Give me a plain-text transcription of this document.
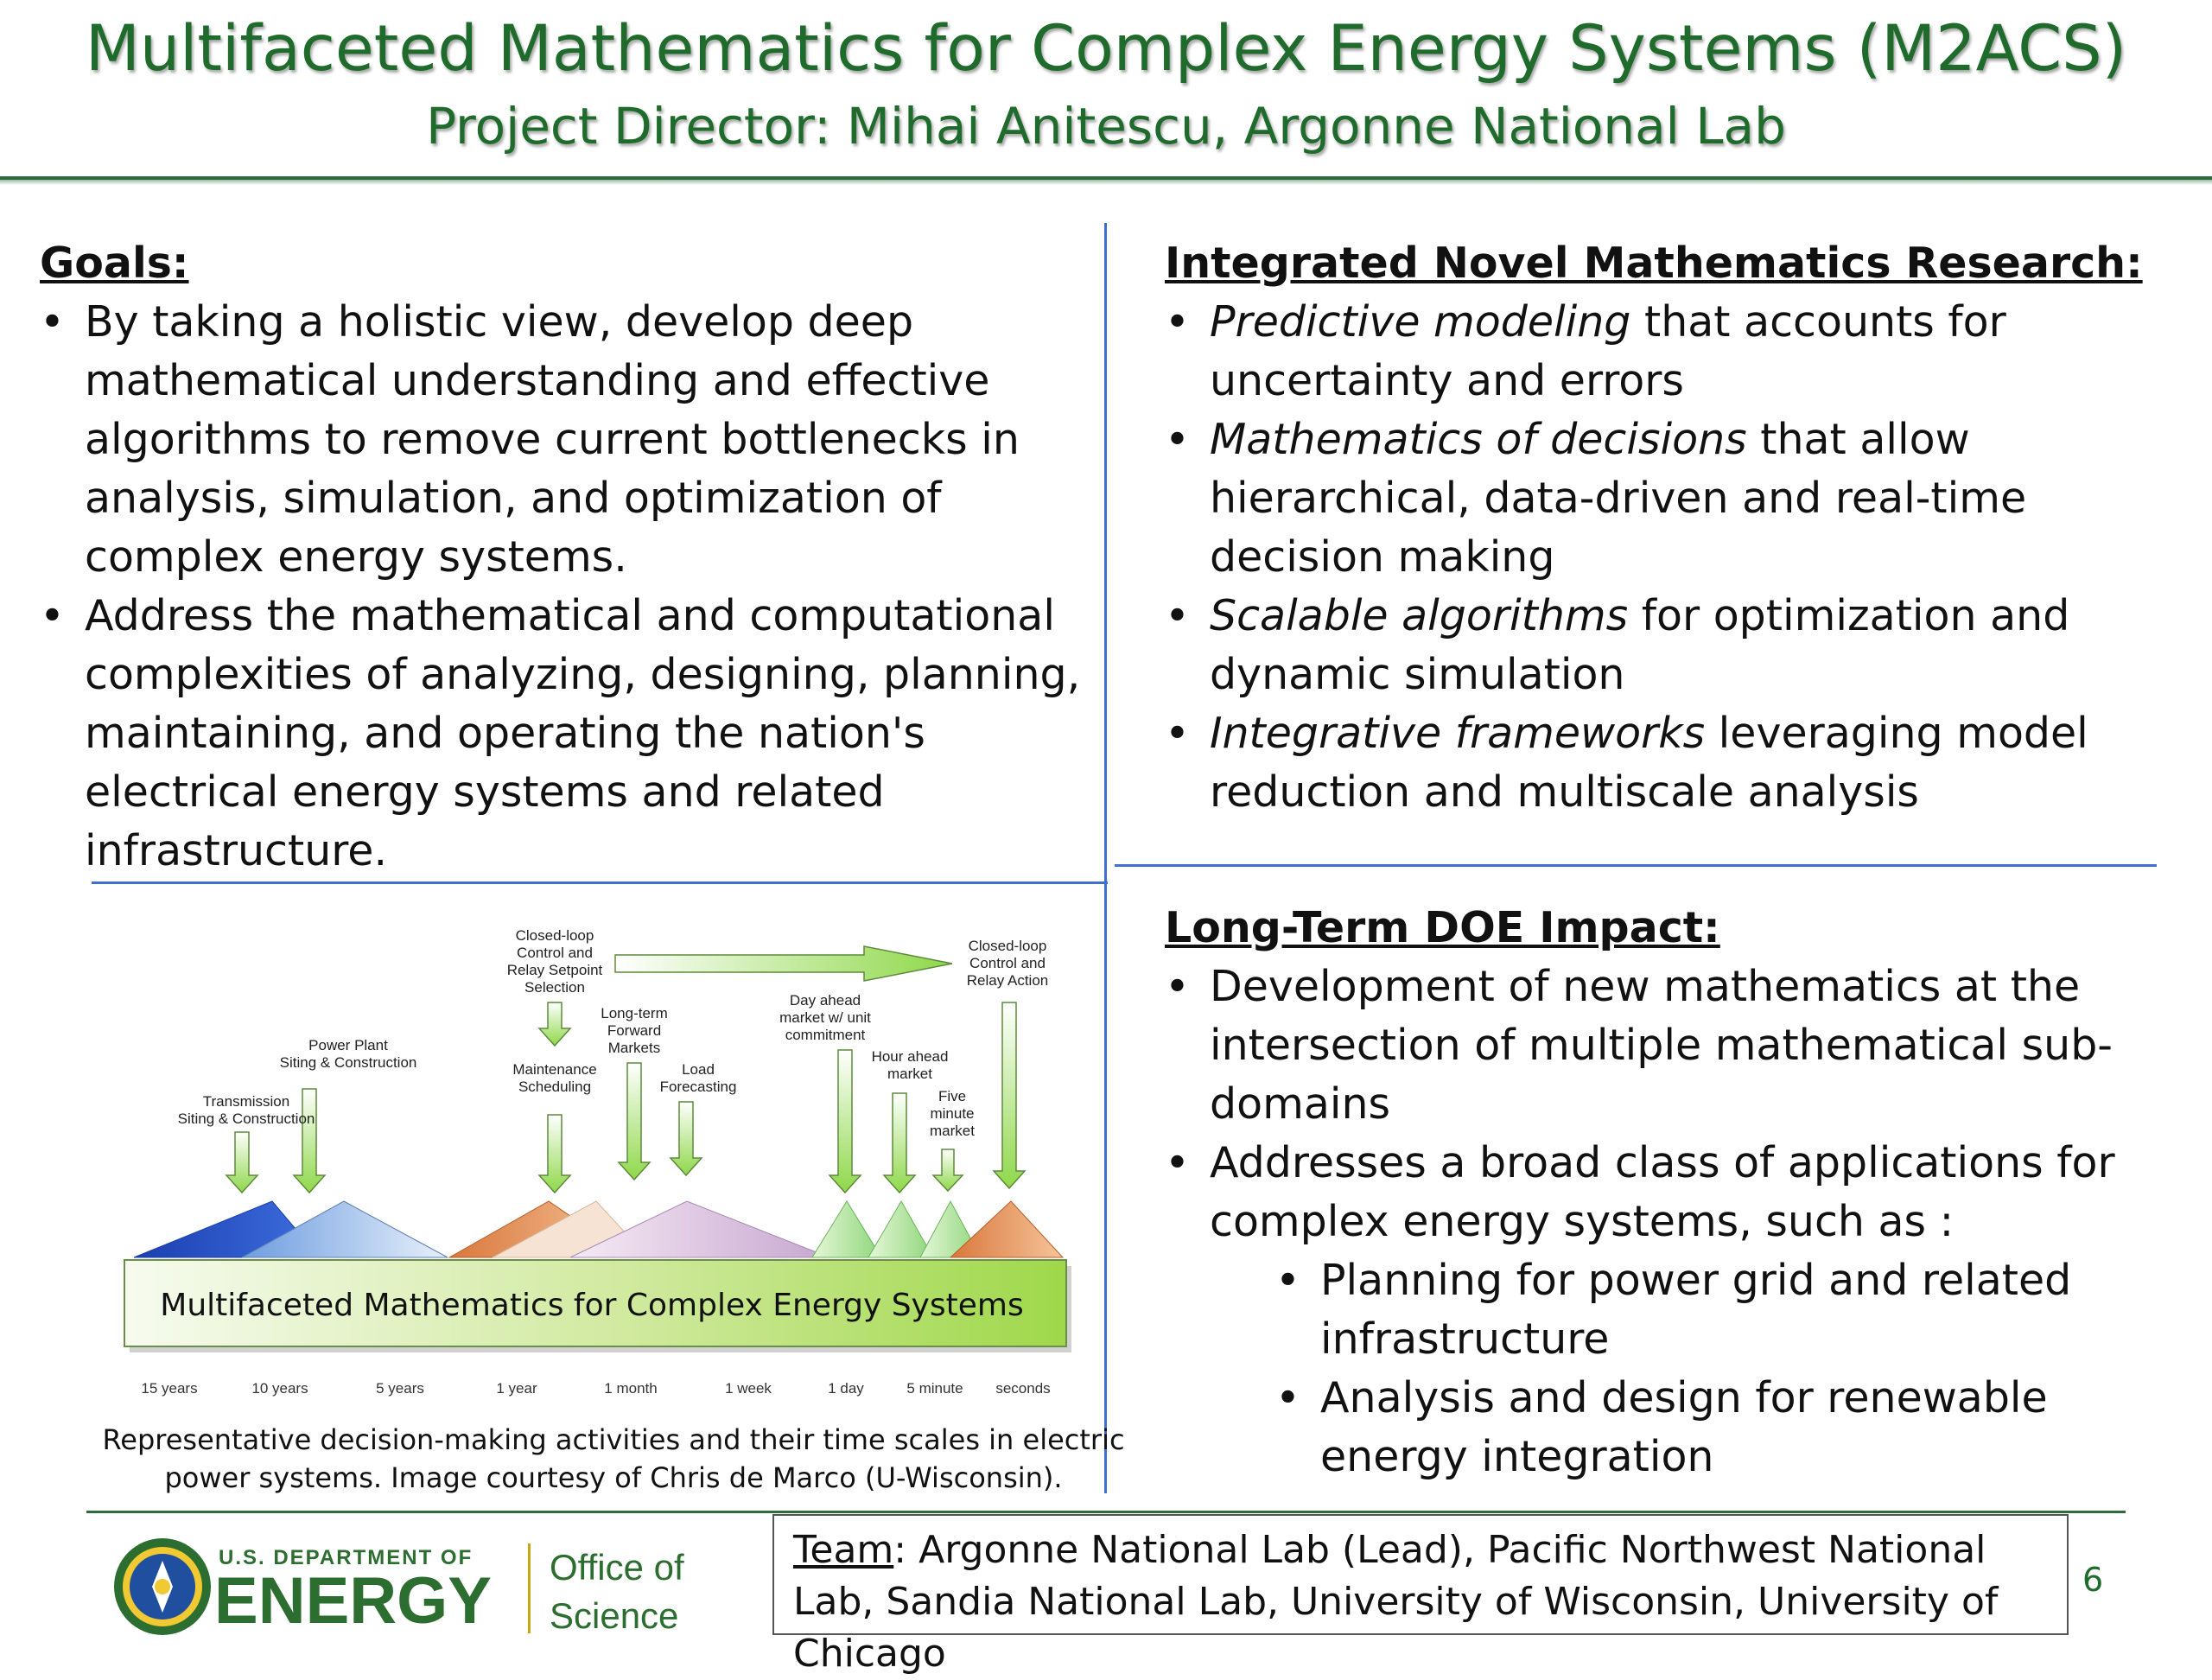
Multifaceted Mathematics for Complex Energy Systems (M2ACS)
Project Director: Mihai Anitescu, Argonne National Lab
Goals:
• By taking a holistic view, develop deep mathematical understanding and effective algorithms to remove current bottlenecks in analysis, simulation, and optimization of complex energy systems.
• Address the mathematical and computational complexities of analyzing, designing, planning, maintaining, and operating the nation's electrical energy systems and related infrastructure.
Integrated Novel Mathematics Research:
• Predictive modeling that accounts for uncertainty and errors
• Mathematics of decisions that allow hierarchical, data-driven and real-time decision making
• Scalable algorithms for optimization and dynamic simulation
• Integrative frameworks leveraging model reduction and multiscale analysis
Long-Term DOE Impact:
• Development of new mathematics at the intersection of multiple mathematical sub-domains
• Addresses a broad class of applications for complex energy systems, such as :
• Planning for power grid and related infrastructure
• Analysis and design for renewable energy integration
Multifaceted Mathematics for Complex Energy Systems
Transmission Siting & Construction
Power Plant Siting & Construction
Closed-loop Control and Relay Setpoint Selection
Maintenance Scheduling
Long-term Forward Markets
Load Forecasting
Day ahead market w/ unit commitment
Hour ahead market
Five minute market
Closed-loop Control and Relay Action
15 years	10 years	5 years	1 year	1 month	1 week	1 day	5 minute seconds
Representative decision-making activities and their time scales in electric power systems. Image courtesy of Chris de Marco (U-Wisconsin).
U.S. DEPARTMENT OF
ENERGY Office of
Science
Team: Argonne National Lab (Lead), Pacific Northwest National Lab, Sandia National Lab, University of Wisconsin, University of Chicago
6
